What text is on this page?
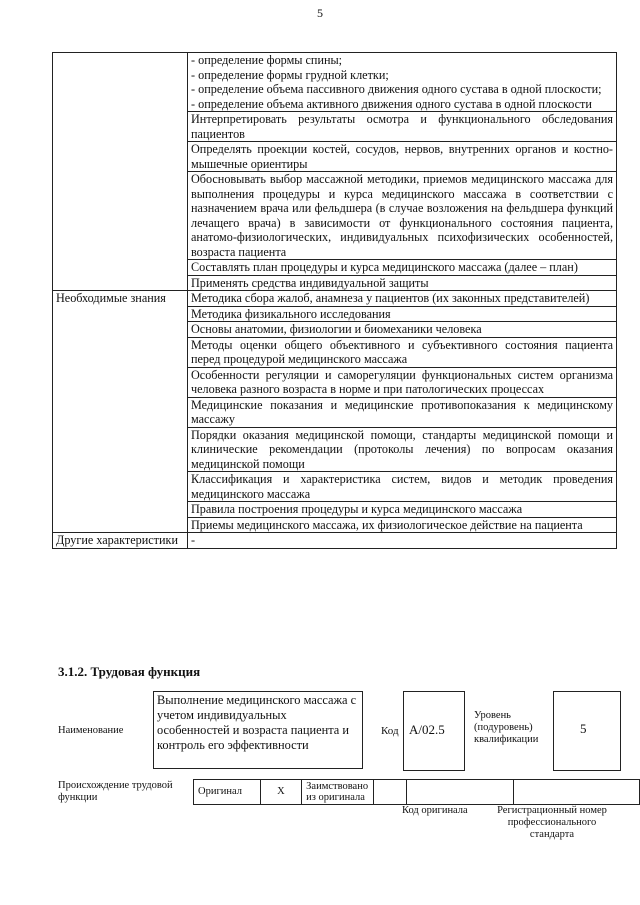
5

	- определение формы спины;
- определение формы грудной клетки;
- определение объема пассивного движения одного сустава в одной плоскости;
- определение объема активного движения одного сустава в одной плоскости

	Интерпретировать результаты осмотра и функционального обследования пациентов
	Определять проекции костей, сосудов, нервов, внутренних органов и костно-мышечные ориентиры
	Обосновывать выбор массажной методики, приемов медицинского массажа для выполнения процедуры и курса медицинского массажа в соответствии с назначением врача или фельдшера (в случае возложения на фельдшера функций лечащего врача) в зависимости от функционального состояния пациента, анатомо-физиологических, индивидуальных психофизических особенностей, возраста пациента
	Составлять план процедуры и курса медицинского массажа (далее – план)
	Применять средства индивидуальной защиты
Необходимые знания	Методика сбора жалоб, анамнеза у пациентов (их законных представителей)
	Методика физикального исследования
	Основы анатомии, физиологии и биомеханики человека
	Методы оценки общего объективного и субъективного состояния пациента перед процедурой медицинского массажа
	Особенности регуляции и саморегуляции функциональных систем организма человека разного возраста в норме и при патологических процессах
	Медицинские показания и медицинские противопоказания к медицинскому массажу
	Порядки оказания медицинской помощи, стандарты медицинской помощи и клинические рекомендации (протоколы лечения) по вопросам оказания медицинской помощи
	Классификация и характеристика систем, видов и методик проведения медицинского массажа
	Правила построения процедуры и курса медицинского массажа
	Приемы медицинского массажа, их физиологическое действие на пациента
Другие характеристики	-
3.1.2. Трудовая функция
Наименование
Выполнение медицинского массажа с учетом индивидуальных особенностей и возраста пациента и контроль его эффективности
Код A/02.5
Уровень (подуровень) квалификации
5
Происхождение трудовой функции
Оригинал	X	Заимствовано из оригинала			
Код оригинала	Регистрационный номер профессионального стандарта
